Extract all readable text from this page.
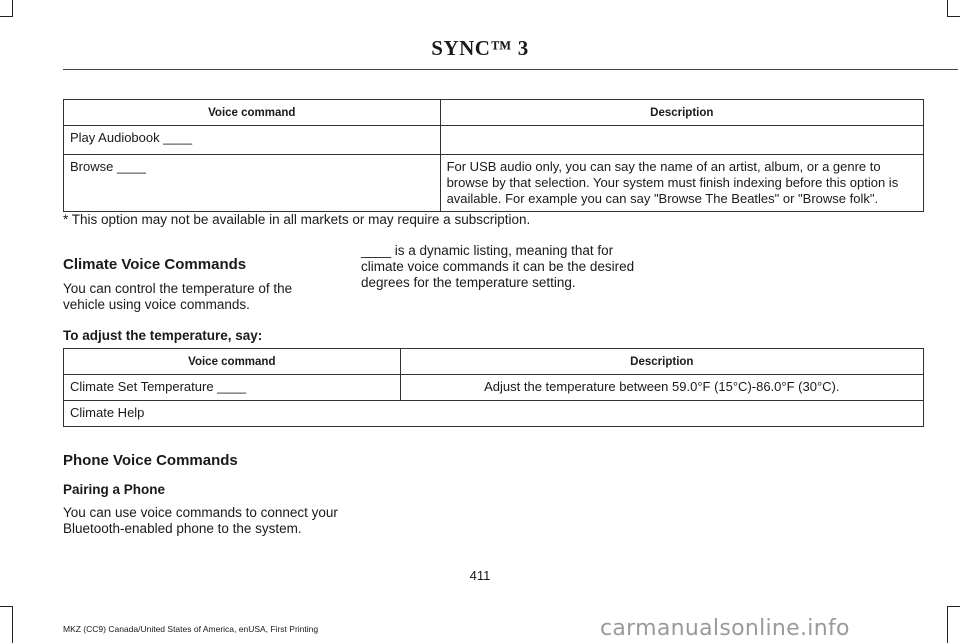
SYNC™ 3
Voice command	Description
Play Audiobook ____	
Browse ____	For USB audio only, you can say the name of an artist, album, or a genre to browse by that selection. Your system must finish indexing before this option is available. For example you can say "Browse The Beatles" or "Browse folk".

* This option may not be available in all markets or may require a subscription.

Climate Voice Commands

You can control the temperature of the vehicle using voice commands.

____ is a dynamic listing, meaning that for climate voice commands it can be the desired degrees for the temperature setting.

To adjust the temperature, say:
Voice command	Description
Climate Set Temperature ____	Adjust the temperature between 59.0°F (15°C)-86.0°F (30°C).
Climate Help	
Phone Voice Commands
Pairing a Phone

You can use voice commands to connect your Bluetooth-enabled phone to the system.

411
MKZ (CC9) Canada/United States of America, enUSA, First Printing	carmanualsonline.info
